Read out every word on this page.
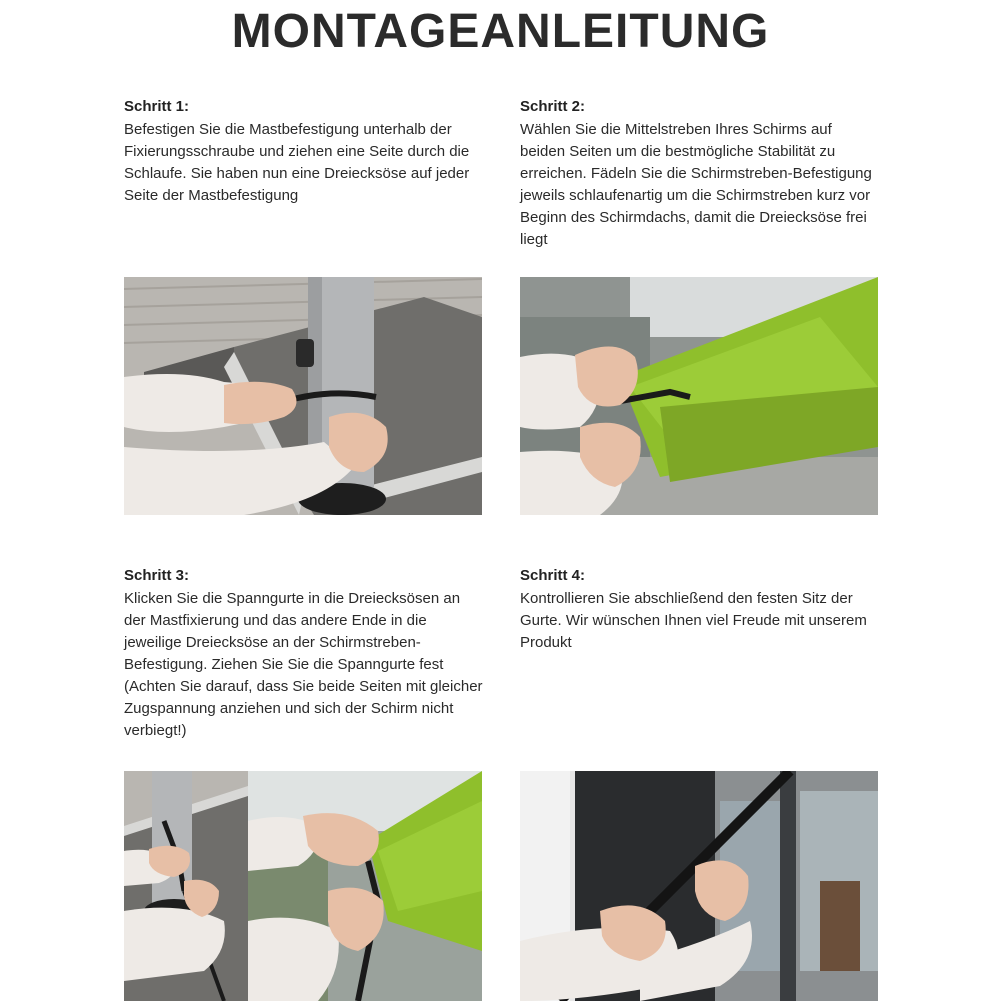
MONTAGEANLEITUNG

Schritt 1:

Befestigen Sie die Mastbefestigung unterhalb der Fixierungsschraube und ziehen eine Seite durch die Schlaufe. Sie haben nun eine Dreiecksöse auf jeder Seite der Mastbefestigung

Schritt 2:

Wählen Sie die Mittelstreben Ihres Schirms auf beiden Seiten um die bestmögliche Stabilität zu erreichen. Fädeln Sie die Schirmstreben-Befestigung jeweils schlaufenartig um die Schirmstreben kurz vor Beginn des Schirmdachs, damit die Dreiecksöse frei liegt

Schritt 3:

Klicken Sie die Spanngurte in die Dreiecksösen an der Mastfixierung und das andere Ende in die jeweilige Dreiecksöse an der Schirmstreben-Befestigung. Ziehen Sie Sie die Spanngurte fest (Achten Sie darauf, dass Sie beide Seiten mit gleicher Zugspannung anziehen und sich der Schirm nicht verbiegt!)

Schritt 4:

Kontrollieren Sie abschließend den festen Sitz der Gurte. Wir wünschen Ihnen viel Freude mit unserem Produkt
